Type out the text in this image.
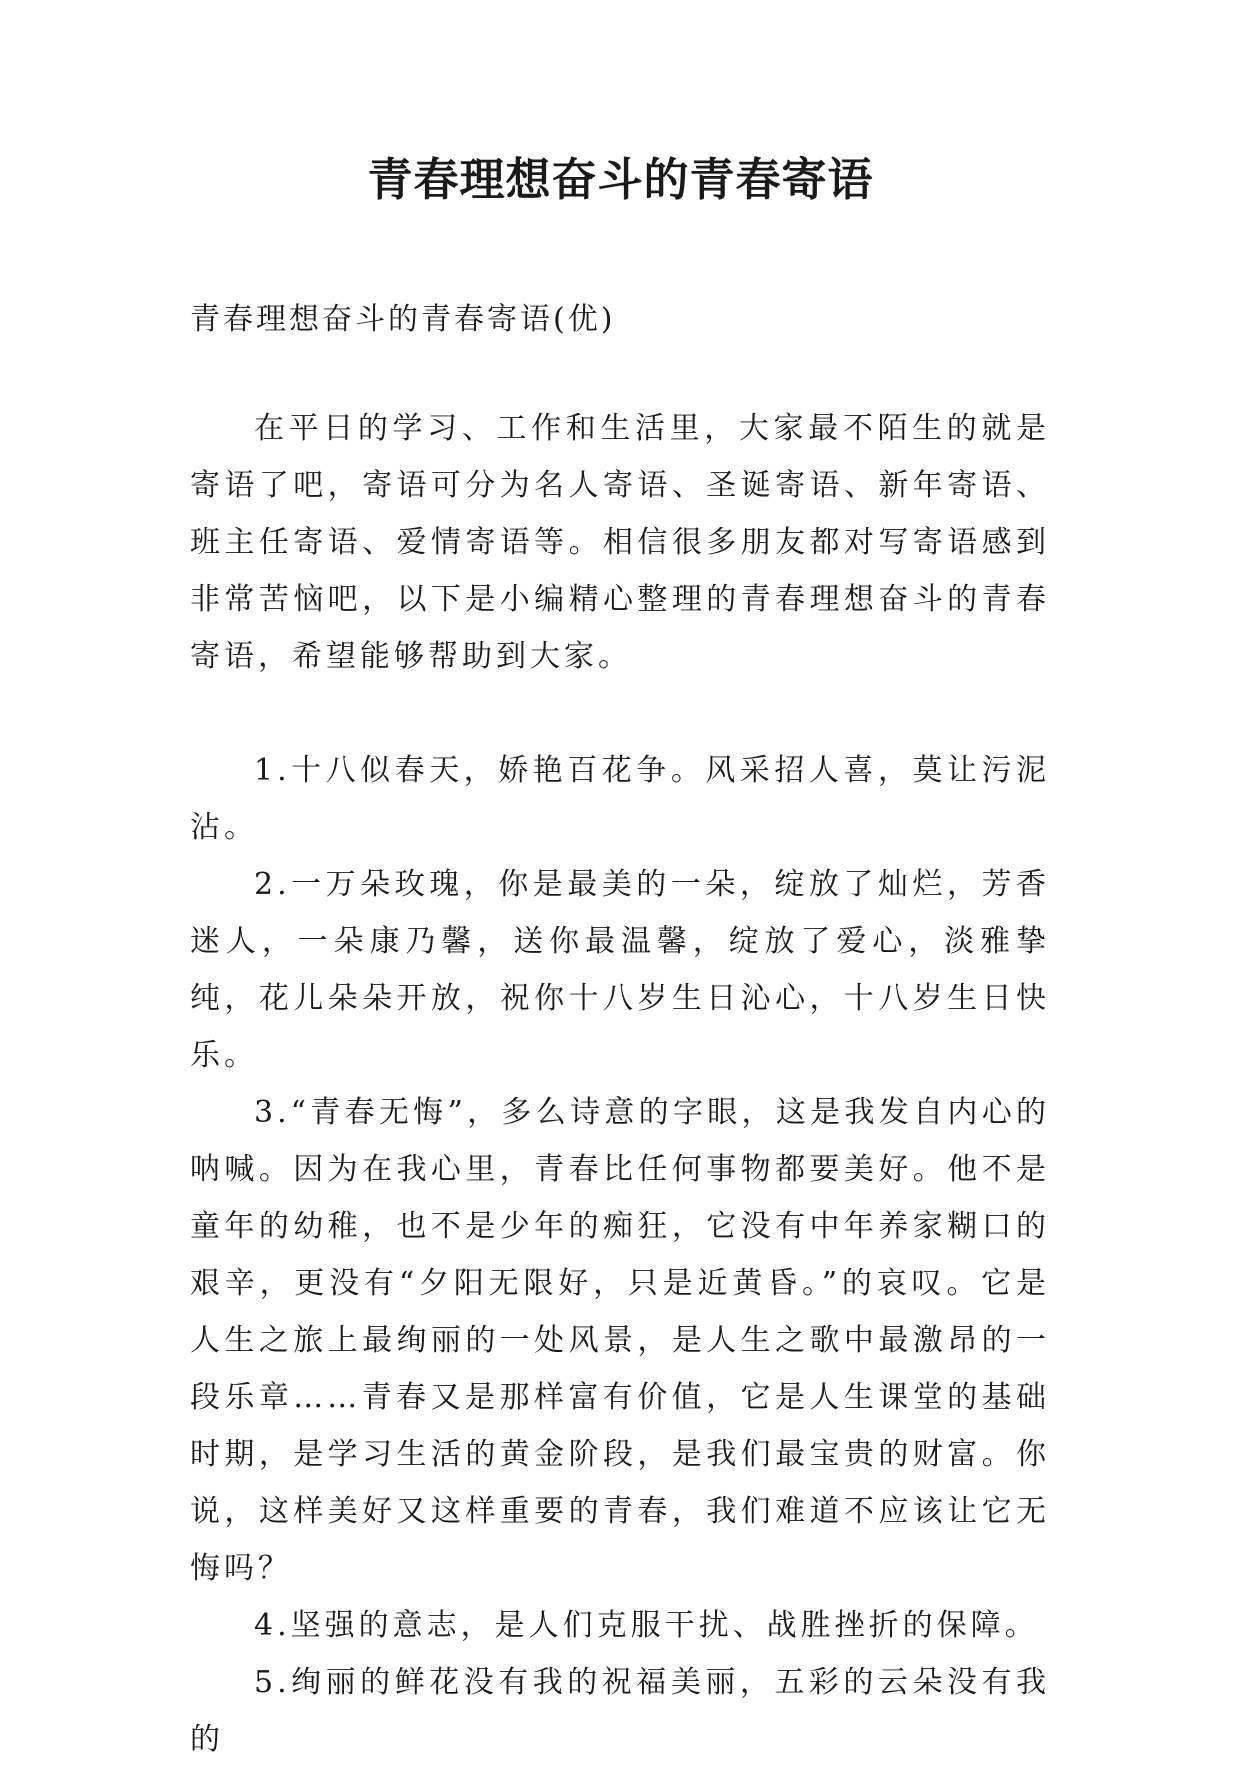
青春理想奋斗的青春寄语

青春理想奋斗的青春寄语(优)

在平日的学习、工作和生活里，大家最不陌生的就是寄语了吧，寄语可分为名人寄语、圣诞寄语、新年寄语、班主任寄语、爱情寄语等。相信很多朋友都对写寄语感到非常苦恼吧，以下是小编精心整理的青春理想奋斗的青春寄语，希望能够帮助到大家。

1.十八似春天，娇艳百花争。风采招人喜，莫让污泥沾。

2.一万朵玫瑰，你是最美的一朵，绽放了灿烂，芳香迷人，一朵康乃馨，送你最温馨，绽放了爱心，淡雅挚纯，花儿朵朵开放，祝你十八岁生日沁心，十八岁生日快乐。

3.“青春无悔”，多么诗意的字眼，这是我发自内心的呐喊。因为在我心里，青春比任何事物都要美好。他不是童年的幼稚，也不是少年的痴狂，它没有中年养家糊口的艰辛，更没有“夕阳无限好，只是近黄昏。”的哀叹。它是人生之旅上最绚丽的一处风景，是人生之歌中最激昂的一段乐章……青春又是那样富有价值，它是人生课堂的基础时期，是学习生活的黄金阶段，是我们最宝贵的财富。你说，这样美好又这样重要的青春，我们难道不应该让它无悔吗？

4.坚强的意志，是人们克服干扰、战胜挫折的保障。

5.绚丽的鲜花没有我的祝福美丽，五彩的云朵没有我的
